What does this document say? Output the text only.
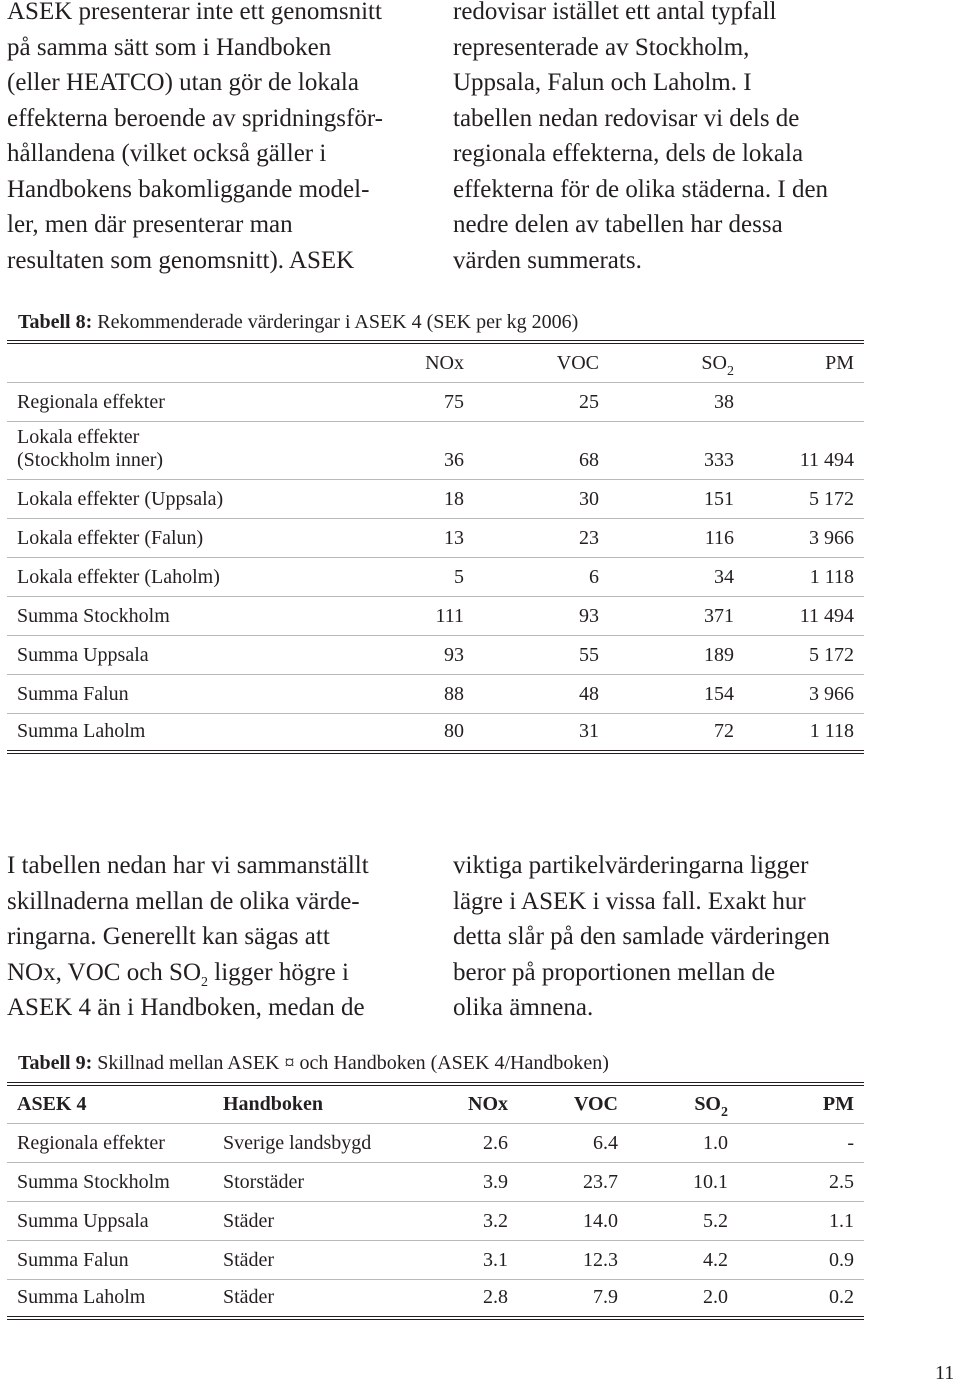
ASEK presenterar inte ett genomsnitt
på samma sätt som i Handboken
(eller HEATCO) utan gör de lokala
effekterna beroende av spridningsför-
hållandena (vilket också gäller i
Handbokens bakomliggande model-
ler, men där presenterar man
resultaten som genomsnitt). ASEK
redovisar istället ett antal typfall
representerade av Stockholm,
Uppsala, Falun och Laholm. I
tabellen nedan redovisar vi dels de
regionala effekterna, dels de lokala
effekterna för de olika städerna. I den
nedre delen av tabellen har dessa
värden summerats.
Tabell 8: Rekommenderade värderingar i ASEK 4 (SEK per kg 2006)
	NOx	VOC	$SO_2$	PM
Regionala effekter	75	25	38	

Lokala effekter
(Stockholm inner)	36	68	333	11 494
Lokala effekter (Uppsala)	18	30	151	5 172
Lokala effekter (Falun)	13	23	116	3 966
Lokala effekter (Laholm)	5	6	34	1 118
Summa Stockholm	111	93	371	11 494
Summa Uppsala	93	55	189	5 172
Summa Falun	88	48	154	3 966
Summa Laholm	80	31	72	1 118
I tabellen nedan har vi sammanställt
skillnaderna mellan de olika värde-
ringarna. Generellt kan sägas att
NOx, VOC och $SO_2$ ligger högre i
ASEK 4 än i Handboken, medan de
viktiga partikelvärderingarna ligger
lägre i ASEK i vissa fall. Exakt hur
detta slår på den samlade värderingen
beror på proportionen mellan de
olika ämnena.
Tabell 9: Skillnad mellan ASEK ¤ och Handboken (ASEK 4/Handboken)
ASEK 4	Handboken	NOx	VOC	$SO_2$	PM
Regionala effekter	Sverige landsbygd	2.6	6.4	1.0	-
Summa Stockholm	Storstäder	3.9	23.7	10.1	2.5
Summa Uppsala	Städer	3.2	14.0	5.2	1.1
Summa Falun	Städer	3.1	12.3	4.2	0.9
Summa Laholm	Städer	2.8	7.9	2.0	0.2
11
